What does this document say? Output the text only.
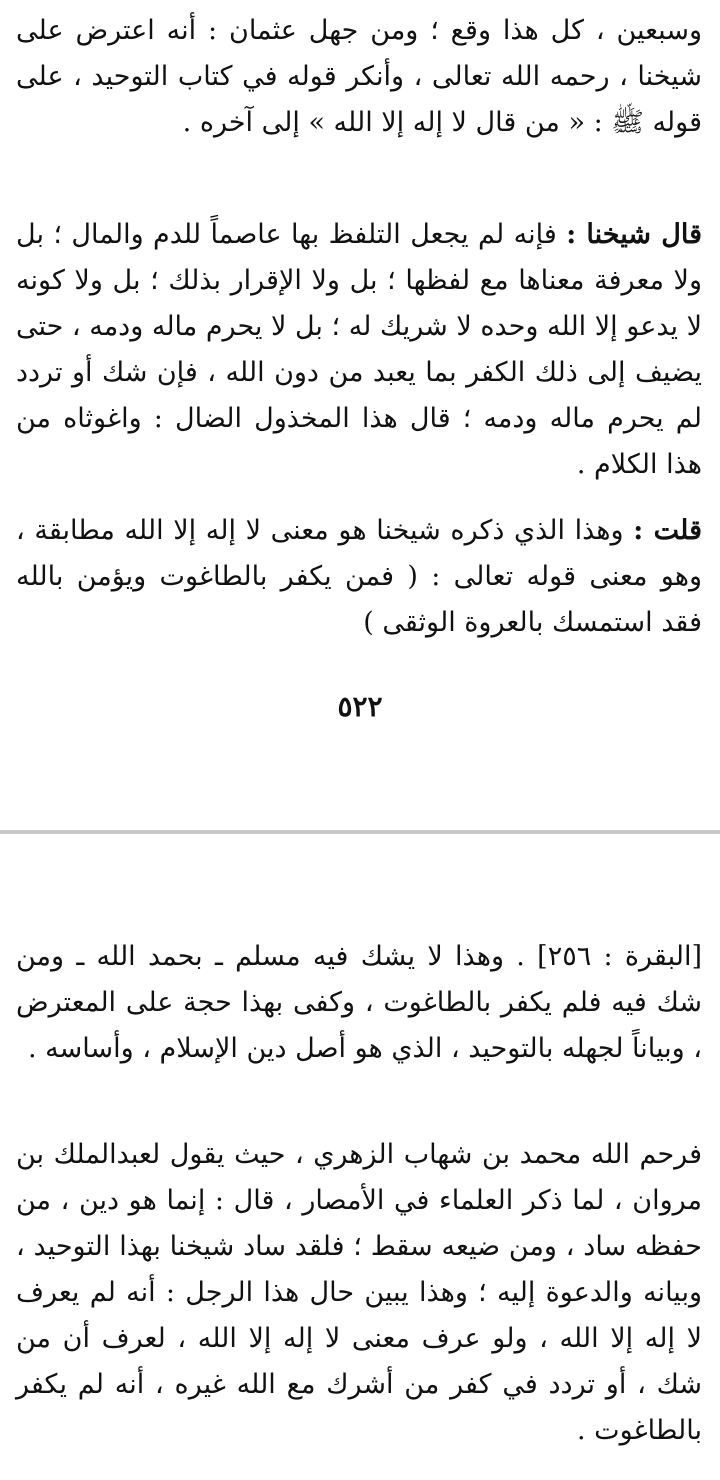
وسبعين ، كل هذا وقع ؛ ومن جهل عثمان : أنه اعترض على شيخنا ، رحمه الله تعالى ، وأنكر قوله في كتاب التوحيد ، على قوله ﷺ : « من قال لا إله إلا الله » إلى آخره .

قال شيخنا : فإنه لم يجعل التلفظ بها عاصماً للدم والمال ؛ بل ولا معرفة معناها مع لفظها ؛ بل ولا الإقرار بذلك ؛ بل ولا كونه لا يدعو إلا الله وحده لا شريك له ؛ بل لا يحرم ماله ودمه ، حتى يضيف إلى ذلك الكفر بما يعبد من دون الله ، فإن شك أو تردد لم يحرم ماله ودمه ؛ قال هذا المخذول الضال : واغوثاه من هذا الكلام .

قلت : وهذا الذي ذكره شيخنا هو معنى لا إله إلا الله مطابقة ، وهو معنى قوله تعالى : ( فمن يكفر بالطاغوت ويؤمن بالله فقد استمسك بالعروة الوثقى )

٥٢٢

[البقرة : ٢٥٦] . وهذا لا يشك فيه مسلم ـ بحمد الله ـ ومن شك فيه فلم يكفر بالطاغوت ، وكفى بهذا حجة على المعترض ، وبياناً لجهله بالتوحيد ، الذي هو أصل دين الإسلام ، وأساسه .

فرحم الله محمد بن شهاب الزهري ، حيث يقول لعبدالملك بن مروان ، لما ذكر العلماء في الأمصار ، قال : إنما هو دين ، من حفظه ساد ، ومن ضيعه سقط ؛ فلقد ساد شيخنا بهذا التوحيد ، وبيانه والدعوة إليه ؛ وهذا يبين حال هذا الرجل : أنه لم يعرف لا إله إلا الله ، ولو عرف معنى لا إله إلا الله ، لعرف أن من شك ، أو تردد في كفر من أشرك مع الله غيره ، أنه لم يكفر بالطاغوت .
